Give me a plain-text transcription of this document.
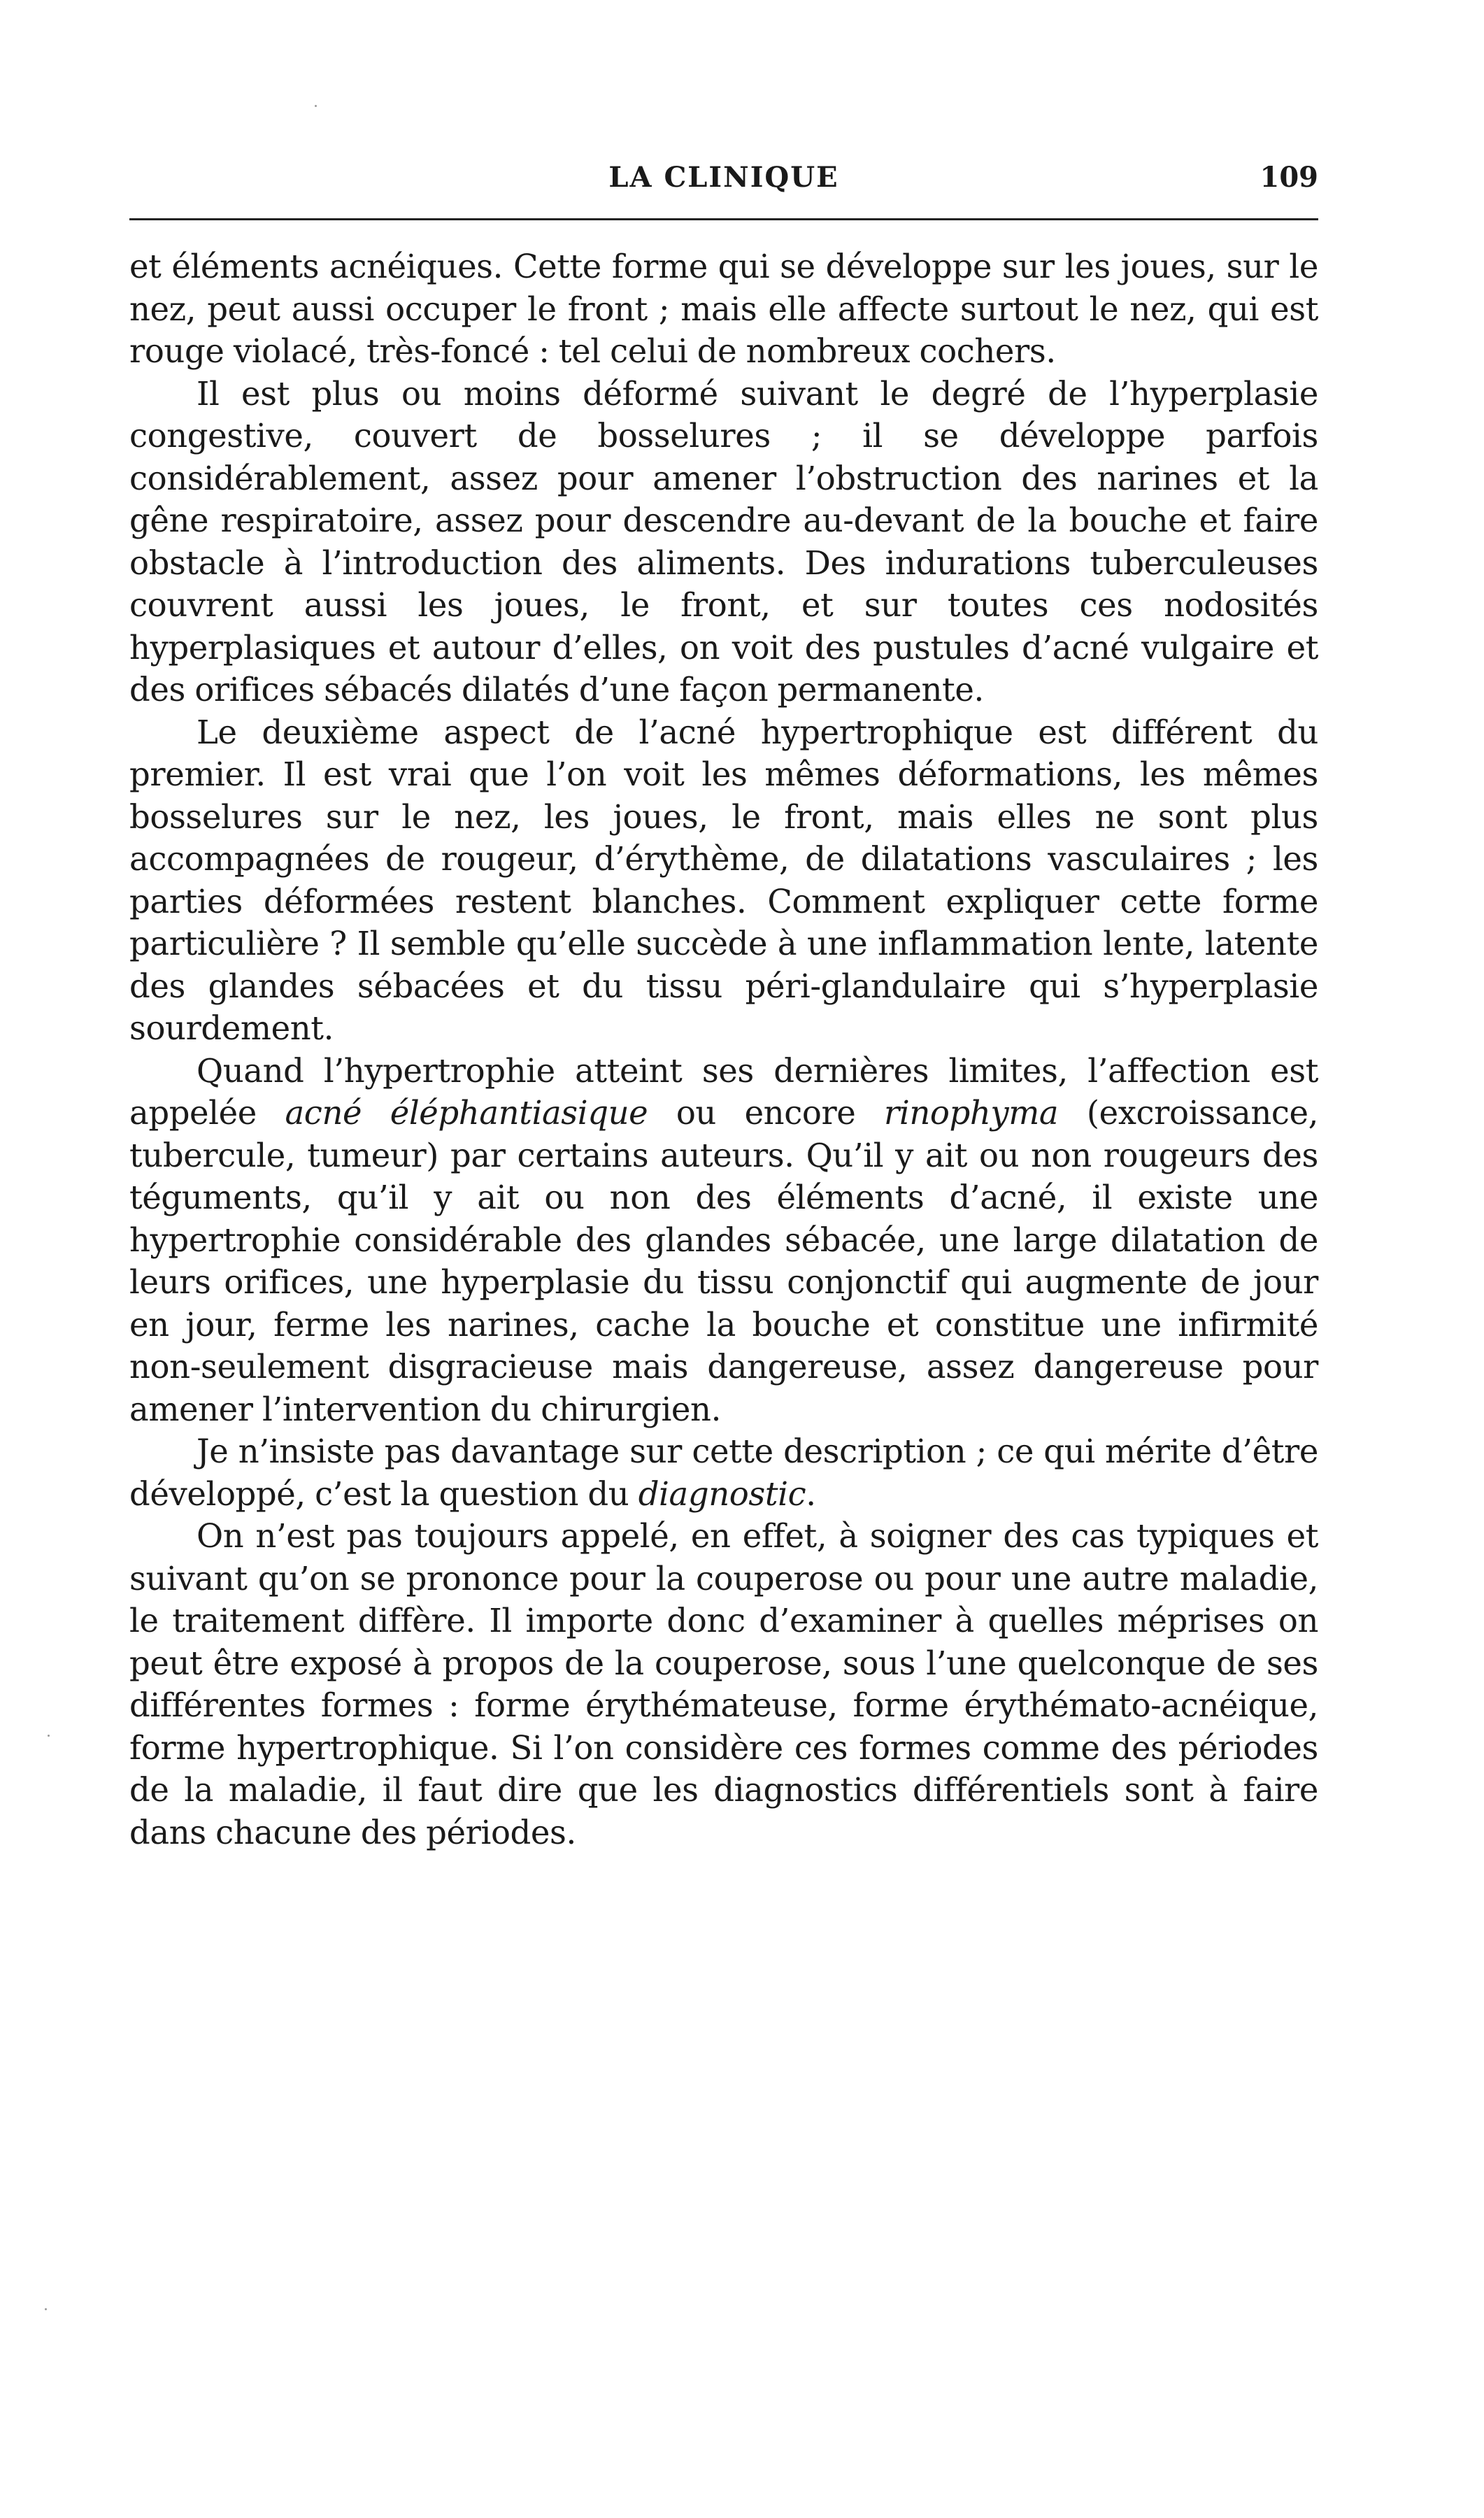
LA CLINIQUE	109

et éléments acnéiques. Cette forme qui se développe sur les joues, sur le nez, peut aussi occuper le front ; mais elle affecte surtout le nez, qui est rouge violacé, très-foncé : tel celui de nombreux cochers.

Il est plus ou moins déformé suivant le degré de l’hyperplasie congestive, couvert de bosselures ; il se développe parfois considérablement, assez pour amener l’obstruction des narines et la gêne respiratoire, assez pour descendre au-devant de la bouche et faire obstacle à l’introduction des aliments. Des indurations tuberculeuses couvrent aussi les joues, le front, et sur toutes ces nodosités hyperplasiques et autour d’elles, on voit des pustules d’acné vulgaire et des orifices sébacés dilatés d’une façon permanente.

Le deuxième aspect de l’acné hypertrophique est différent du premier. Il est vrai que l’on voit les mêmes déformations, les mêmes bosselures sur le nez, les joues, le front, mais elles ne sont plus accompagnées de rougeur, d’érythème, de dilatations vasculaires ; les parties déformées restent blanches. Comment expliquer cette forme particulière ? Il semble qu’elle succède à une inflammation lente, latente des glandes sébacées et du tissu péri-glandulaire qui s’hyperplasie sourdement.

Quand l’hypertrophie atteint ses dernières limites, l’affection est appelée acné éléphantiasique ou encore rinophyma (excroissance, tubercule, tumeur) par certains auteurs. Qu’il y ait ou non rougeurs des téguments, qu’il y ait ou non des éléments d’acné, il existe une hypertrophie considérable des glandes sébacée, une large dilatation de leurs orifices, une hyperplasie du tissu conjonctif qui augmente de jour en jour, ferme les narines, cache la bouche et constitue une infirmité non-seulement disgracieuse mais dangereuse, assez dangereuse pour amener l’intervention du chirurgien.

Je n’insiste pas davantage sur cette description ; ce qui mérite d’être développé, c’est la question du diagnostic.

On n’est pas toujours appelé, en effet, à soigner des cas typiques et suivant qu’on se prononce pour la couperose ou pour une autre maladie, le traitement diffère. Il importe donc d’examiner à quelles méprises on peut être exposé à propos de la couperose, sous l’une quelconque de ses différentes formes : forme érythémateuse, forme érythémato-acnéique, forme hypertrophique. Si l’on considère ces formes comme des périodes de la maladie, il faut dire que les diagnostics différentiels sont à faire dans chacune des périodes.
